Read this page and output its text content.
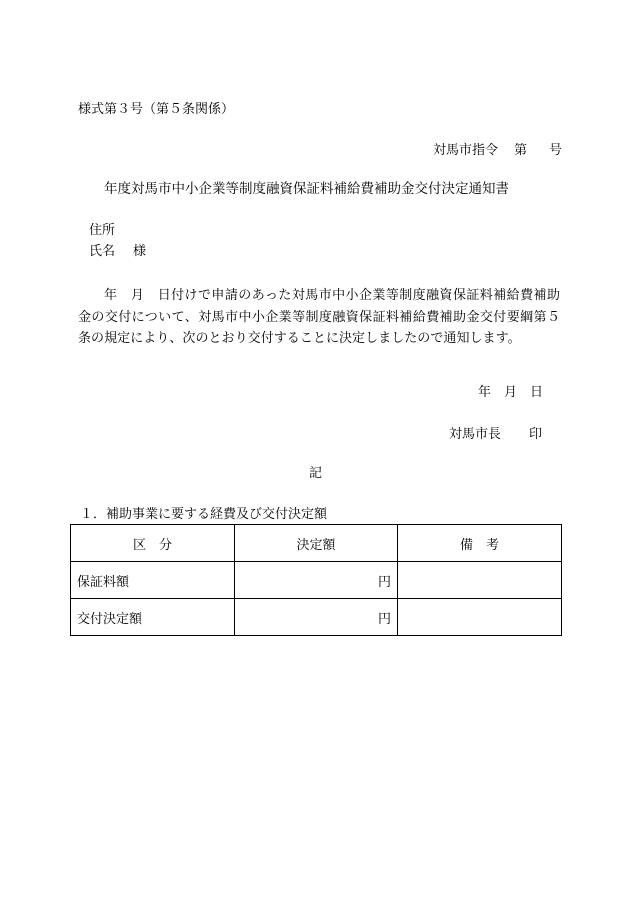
様式第３号（第５条関係）
対馬市指令 第 号
年度対馬市中小企業等制度融資保証料補給費補助金交付決定通知書
住所
氏名 様
年　月　日付けで申請のあった対馬市中小企業等制度融資保証料補給費補助金の交付について、対馬市中小企業等制度融資保証料補給費補助金交付要綱第５条の規定により、次のとおり交付することに決定しましたので通知します。
年　月　日
対馬市長 印
記
１．補助事業に要する経費及び交付決定額
区　分	決定額	備　考
保証料額	円	
交付決定額	円	
